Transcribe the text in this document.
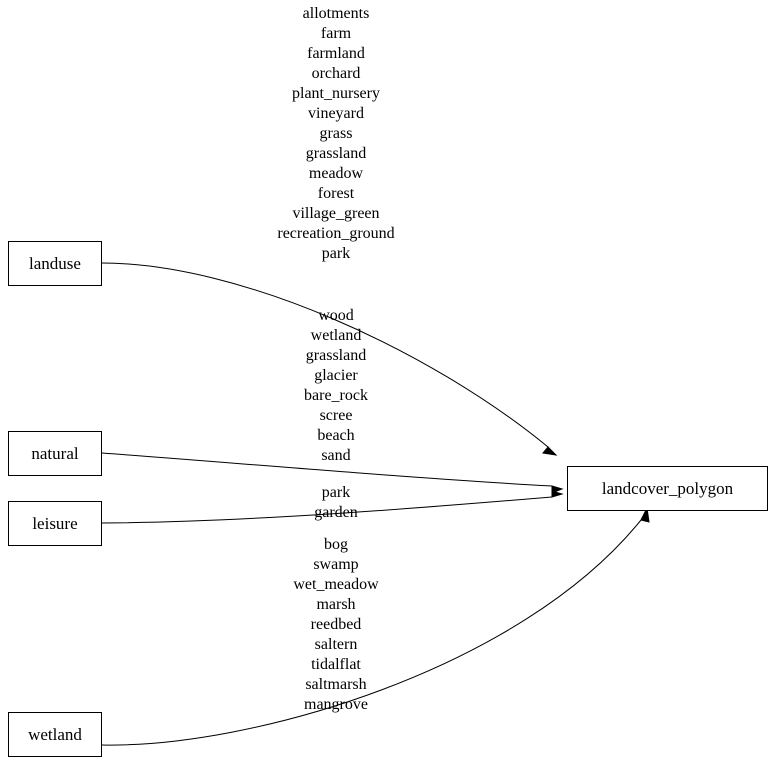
allotments
farm
farmland
orchard
plant_nursery
vineyard
grass
grassland
meadow
forest
village_green
recreation_ground
park
wood
wetland
grassland
glacier
bare_rock
scree
beach
sand
park
garden
bog
swamp
wet_meadow
marsh
reedbed
saltern
tidalflat
saltmarsh
mangrove
landuse
natural
leisure
wetland
landcover_polygon
